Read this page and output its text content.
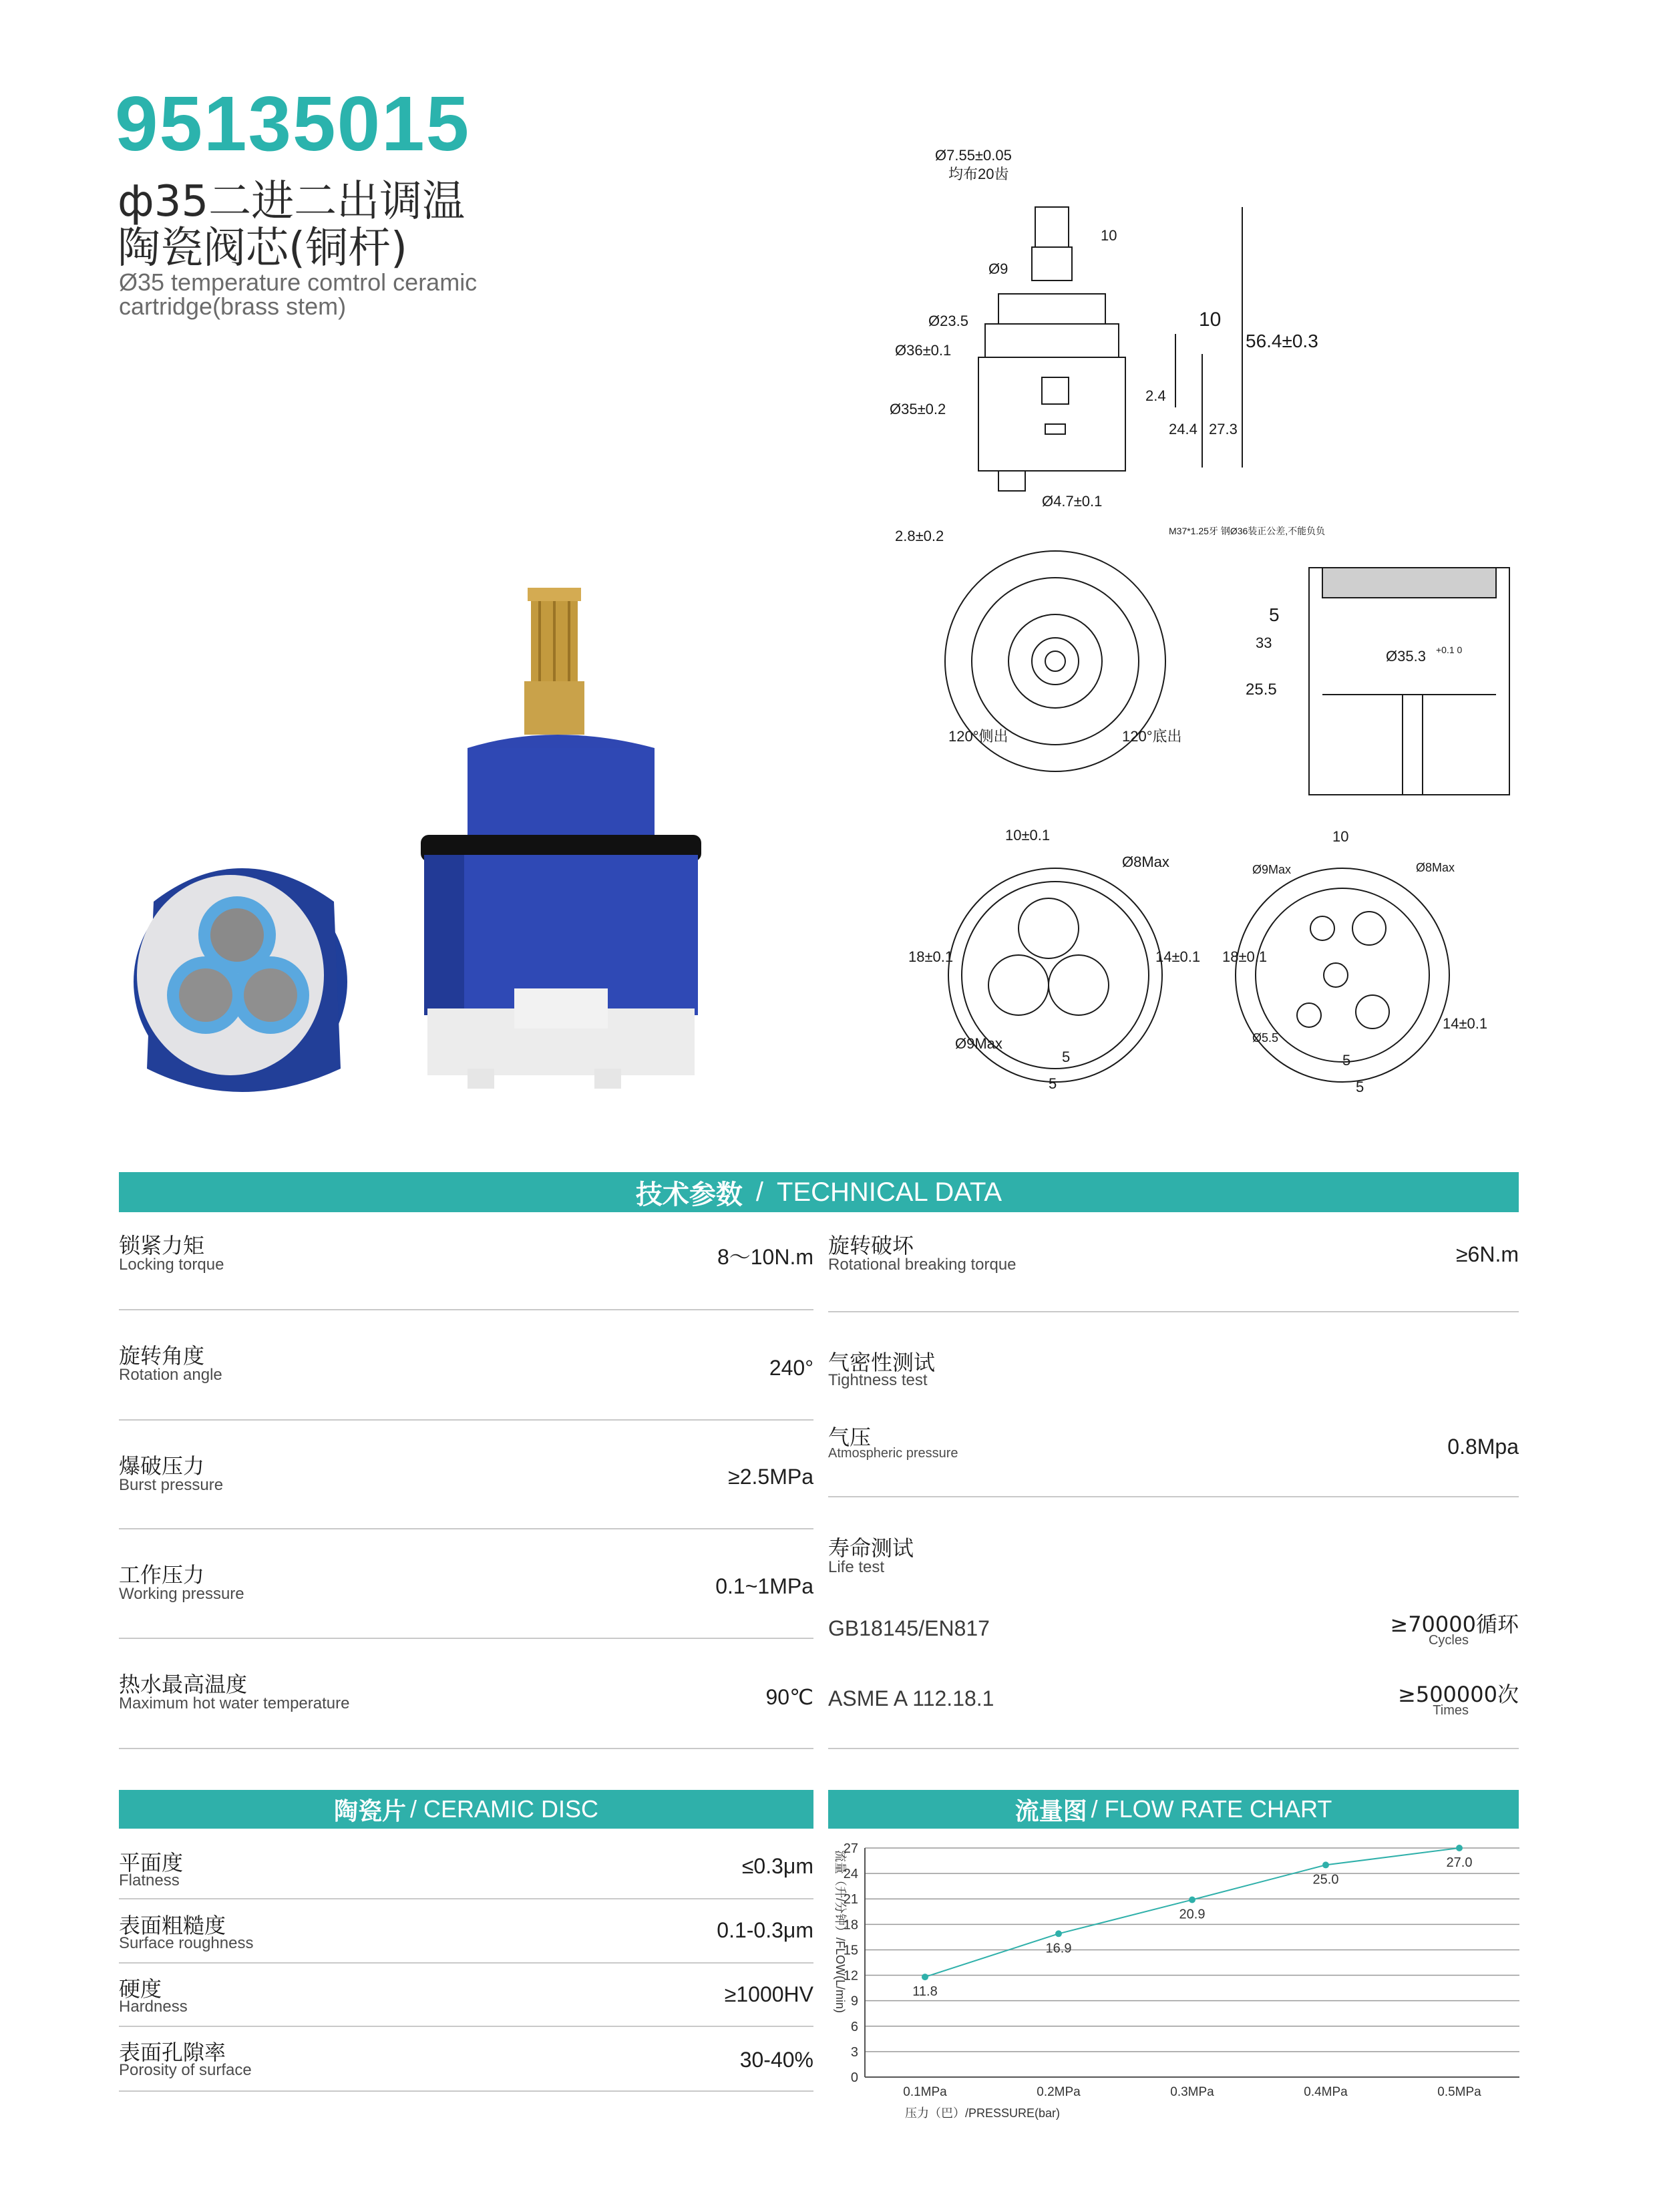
95135015
ф35二进二出调温
陶瓷阀芯(铜杆)
Ø35 temperature comtrol ceramic
cartridge(brass stem)
Ø7.55±0.05
均布20齿
Ø9
Ø23.5
Ø36±0.1
Ø35±0.2
Ø4.7±0.1
10
10
2.4
24.4 27.3
56.4±0.3
2.8±0.2
120°侧出	120°底出
M37*1.25牙 钢Ø36装正公差,不能负负
Ø35.3 +0.1 0
33
5
25.5
10±0.1
Ø8Max
18±0.1	14±0.1
Ø9Max
5
5
10
Ø9Max	Ø8Max
18±0.1
Ø5.5
14±0.1
5
5
技术参数 / TECHNICAL DATA
锁紧力矩
Locking torque	8～10N.m
旋转角度
Rotation angle	240°
爆破压力
Burst pressure	≥2.5MPa
工作压力
Working pressure	0.1~1MPa
热水最高温度
Maximum hot water temperature	90℃
旋转破坏
Rotational breaking torque	≥6N.m
气密性测试
Tightness test
气压
Atmospheric pressure	0.8Mpa
寿命测试
Life test
GB18145/EN817	≥70000循环
Cycles
ASME A 112.18.1	≥500000次
Times
陶瓷片 / CERAMIC DISC
平面度
Flatness
≤0.3μm
表面粗糙度
Surface roughness
0.1-0.3μm
硬度
Hardness
≥1000HV
表面孔隙率
Porosity of surface	30-40%
流量图 / FLOW RATE CHART
0
3
6
9
12
15
18
21
24
27
0.1MPa	0.2MPa	0.3MPa	0.4MPa	0.5MPa
11.8
16.9
20.9
25.0
27.0
流量（升/分钟）/FLOW(L/min)
压力（巴）/PRESSURE(bar)
